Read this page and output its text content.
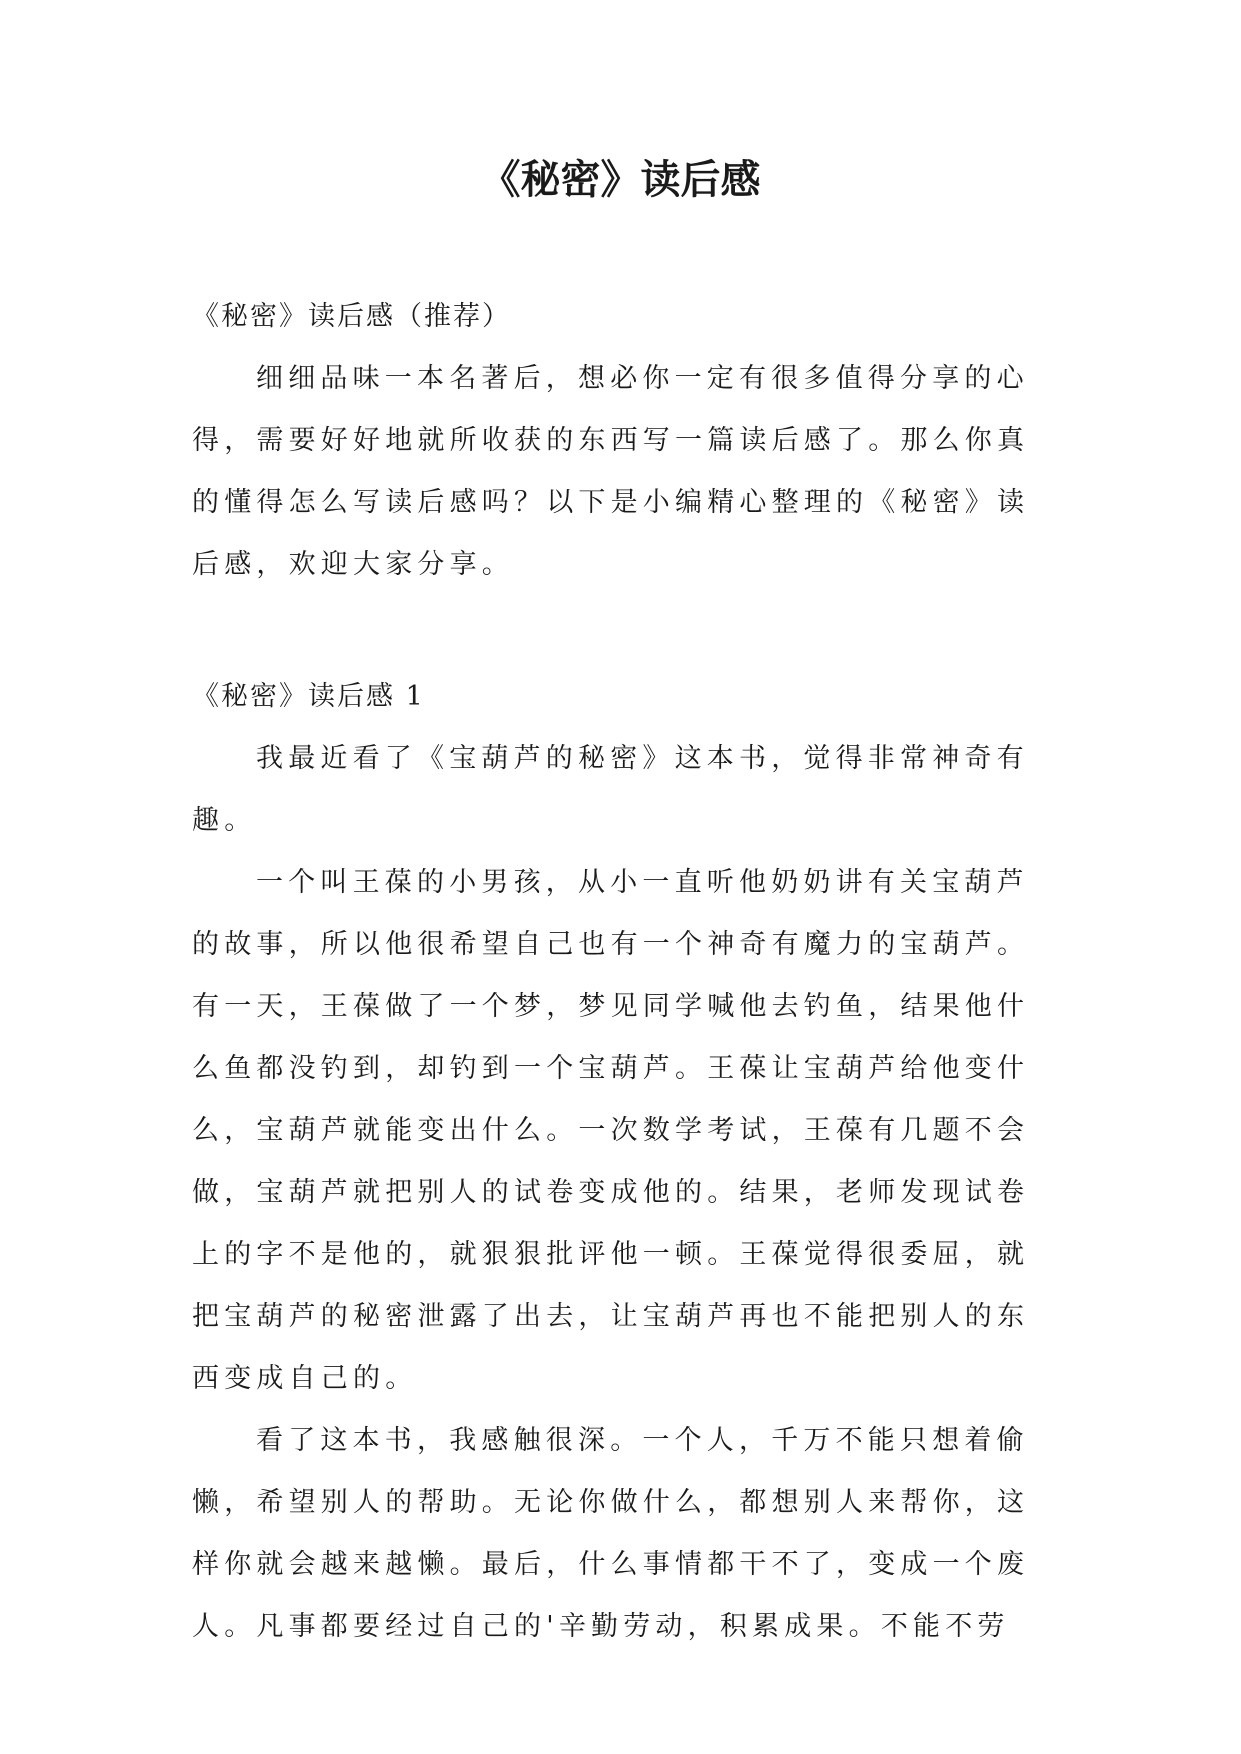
《秘密》读后感
《秘密》读后感（推荐）

细细品味一本名著后，想必你一定有很多值得分享的心得，需要好好地就所收获的东西写一篇读后感了。那么你真的懂得怎么写读后感吗？以下是小编精心整理的《秘密》读后感，欢迎大家分享。

《秘密》读后感 1

我最近看了《宝葫芦的秘密》这本书，觉得非常神奇有趣。

一个叫王葆的小男孩，从小一直听他奶奶讲有关宝葫芦的故事，所以他很希望自己也有一个神奇有魔力的宝葫芦。有一天，王葆做了一个梦，梦见同学喊他去钓鱼，结果他什么鱼都没钓到，却钓到一个宝葫芦。王葆让宝葫芦给他变什么，宝葫芦就能变出什么。一次数学考试，王葆有几题不会做，宝葫芦就把别人的试卷变成他的。结果，老师发现试卷上的字不是他的，就狠狠批评他一顿。王葆觉得很委屈，就把宝葫芦的秘密泄露了出去，让宝葫芦再也不能把别人的东西变成自己的。

看了这本书，我感触很深。一个人，千万不能只想着偷懒，希望别人的帮助。无论你做什么，都想别人来帮你，这样你就会越来越懒。最后，什么事情都干不了，变成一个废人。凡事都要经过自己的'辛勤劳动，积累成果。不能不劳
